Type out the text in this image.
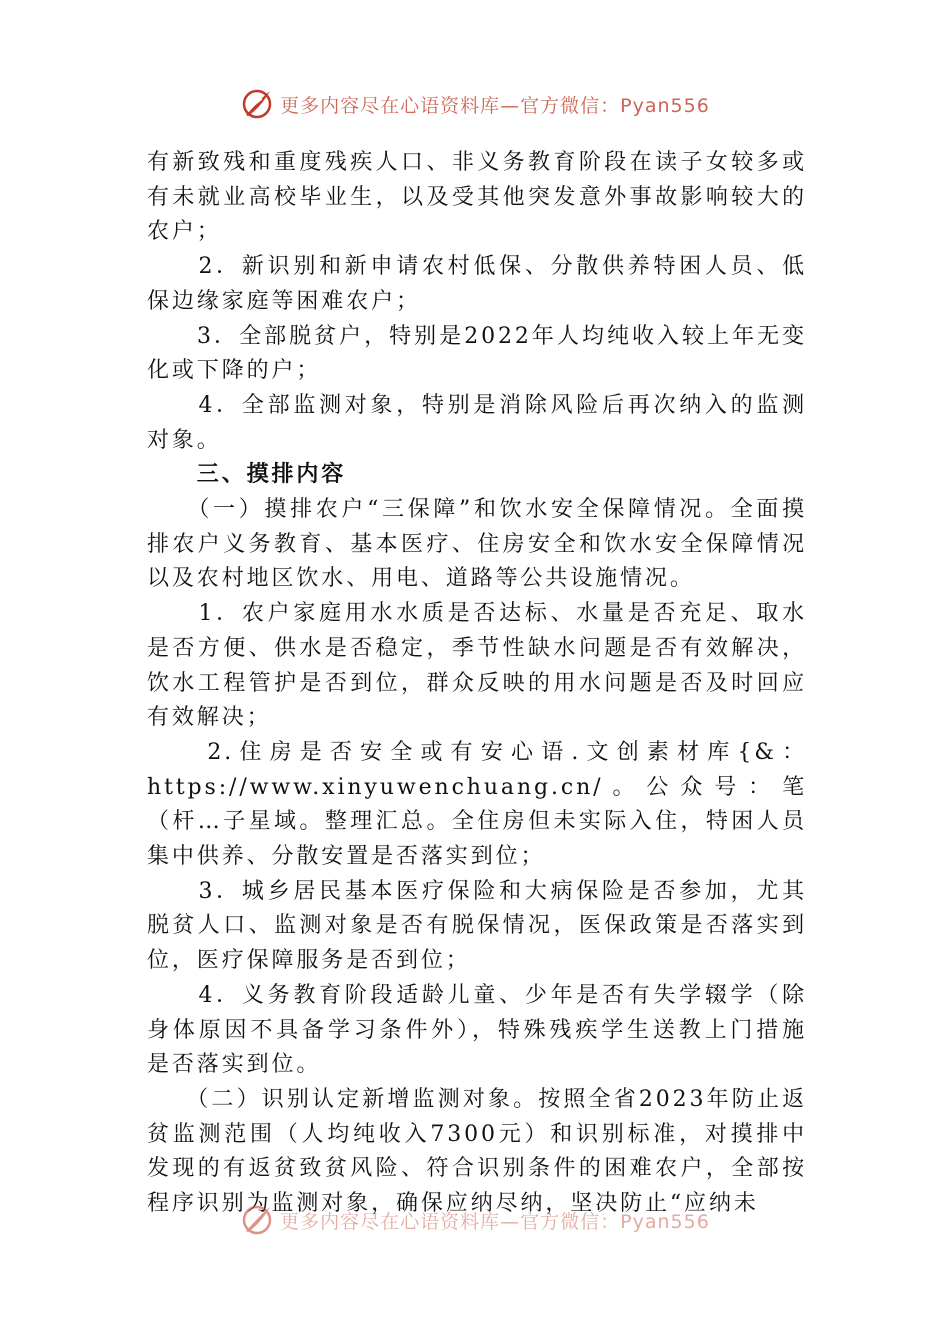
更多内容尽在心语资料库—官方微信：Pyan556

有新致残和重度残疾人口、非义务教育阶段在读子女较多或有未就业高校毕业生，以及受其他突发意外事故影响较大的农户；

　　2．新识别和新申请农村低保、分散供养特困人员、低保边缘家庭等困难农户；

　　3．全部脱贫户，特别是2022年人均纯收入较上年无变化或下降的户；

　　4．全部监测对象，特别是消除风险后再次纳入的监测对象。

　　三、摸排内容

　　（一）摸排农户“三保障”和饮水安全保障情况。全面摸排农户义务教育、基本医疗、住房安全和饮水安全保障情况以及农村地区饮水、用电、道路等公共设施情况。

　　1．农户家庭用水水质是否达标、水量是否充足、取水是否方便、供水是否稳定，季节性缺水问题是否有效解决，饮水工程管护是否到位，群众反映的用水问题是否及时回应有效解决；

　　2.住房是否安全或有安心语.文创素材库{&：https://www.xinyuwenchuang.cn/。公众号：笔（杆…子星域。整理汇总。全住房但未实际入住，特困人员集中供养、分散安置是否落实到位；

　　3．城乡居民基本医疗保险和大病保险是否参加，尤其脱贫人口、监测对象是否有脱保情况，医保政策是否落实到位，医疗保障服务是否到位；

　　4．义务教育阶段适龄儿童、少年是否有失学辍学（除身体原因不具备学习条件外），特殊残疾学生送教上门措施是否落实到位。

　　（二）识别认定新增监测对象。按照全省2023年防止返贫监测范围（人均纯收入7300元）和识别标准，对摸排中发现的有返贫致贫风险、符合识别条件的困难农户，全部按程序识别为监测对象，确保应纳尽纳，坚决防止“应纳未

更多内容尽在心语资料库—官方微信：Pyan556
